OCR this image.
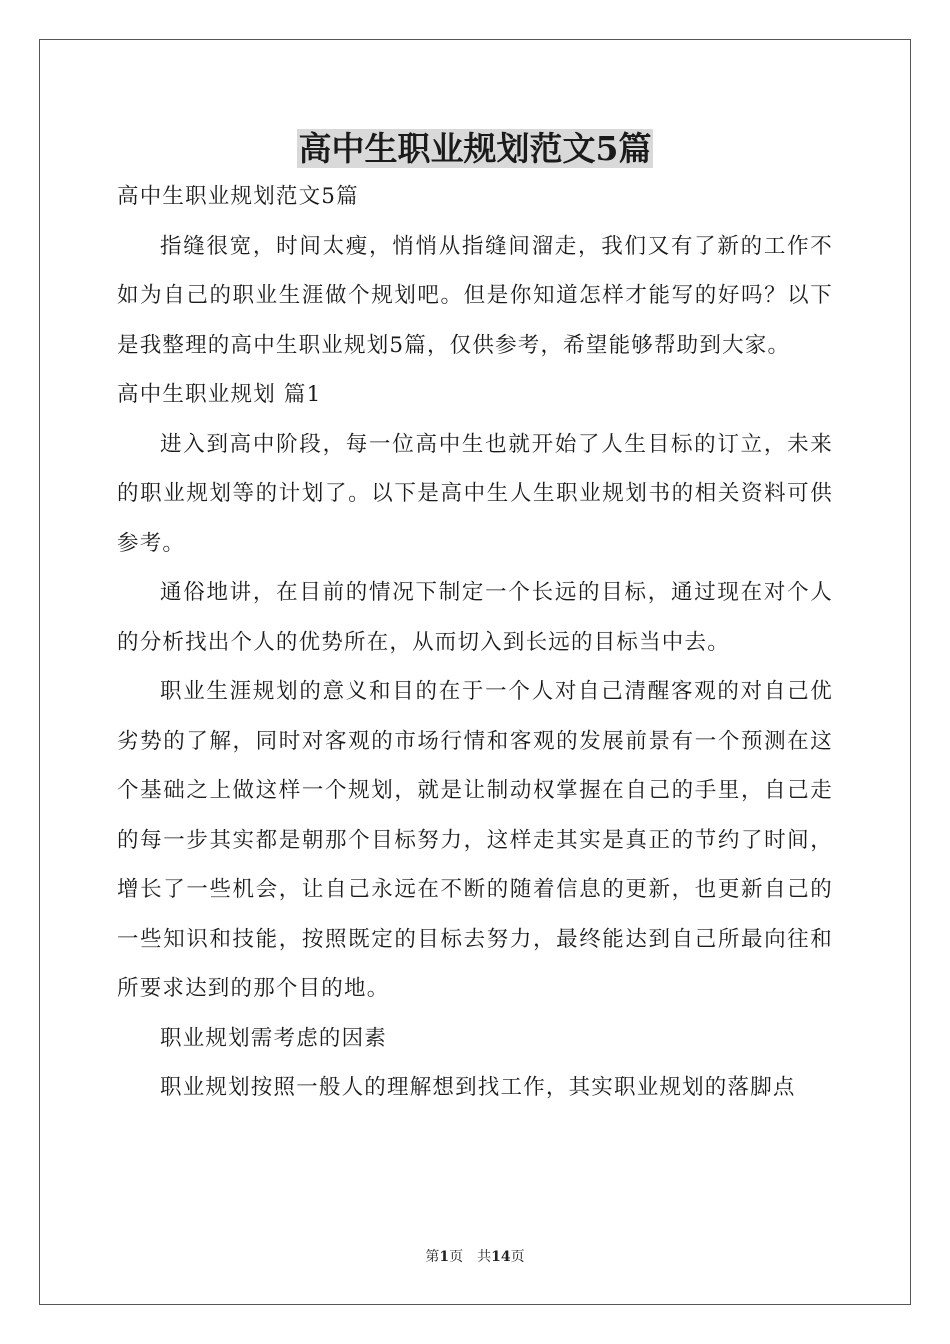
高中生职业规划范文5篇

高中生职业规划范文5篇

指缝很宽，时间太瘦，悄悄从指缝间溜走，我们又有了新的工作不如为自己的职业生涯做个规划吧。但是你知道怎样才能写的好吗？以下是我整理的高中生职业规划5篇，仅供参考，希望能够帮助到大家。

高中生职业规划 篇1

进入到高中阶段，每一位高中生也就开始了人生目标的订立，未来的职业规划等的计划了。以下是高中生人生职业规划书的相关资料可供参考。

通俗地讲，在目前的情况下制定一个长远的目标，通过现在对个人的分析找出个人的优势所在，从而切入到长远的目标当中去。

职业生涯规划的意义和目的在于一个人对自己清醒客观的对自己优劣势的了解，同时对客观的市场行情和客观的发展前景有一个预测在这个基础之上做这样一个规划，就是让制动权掌握在自己的手里，自己走的每一步其实都是朝那个目标努力，这样走其实是真正的节约了时间，增长了一些机会，让自己永远在不断的随着信息的更新，也更新自己的一些知识和技能，按照既定的目标去努力，最终能达到自己所最向往和所要求达到的那个目的地。

职业规划需考虑的因素

职业规划按照一般人的理解想到找工作，其实职业规划的落脚点

第1页　共14页
